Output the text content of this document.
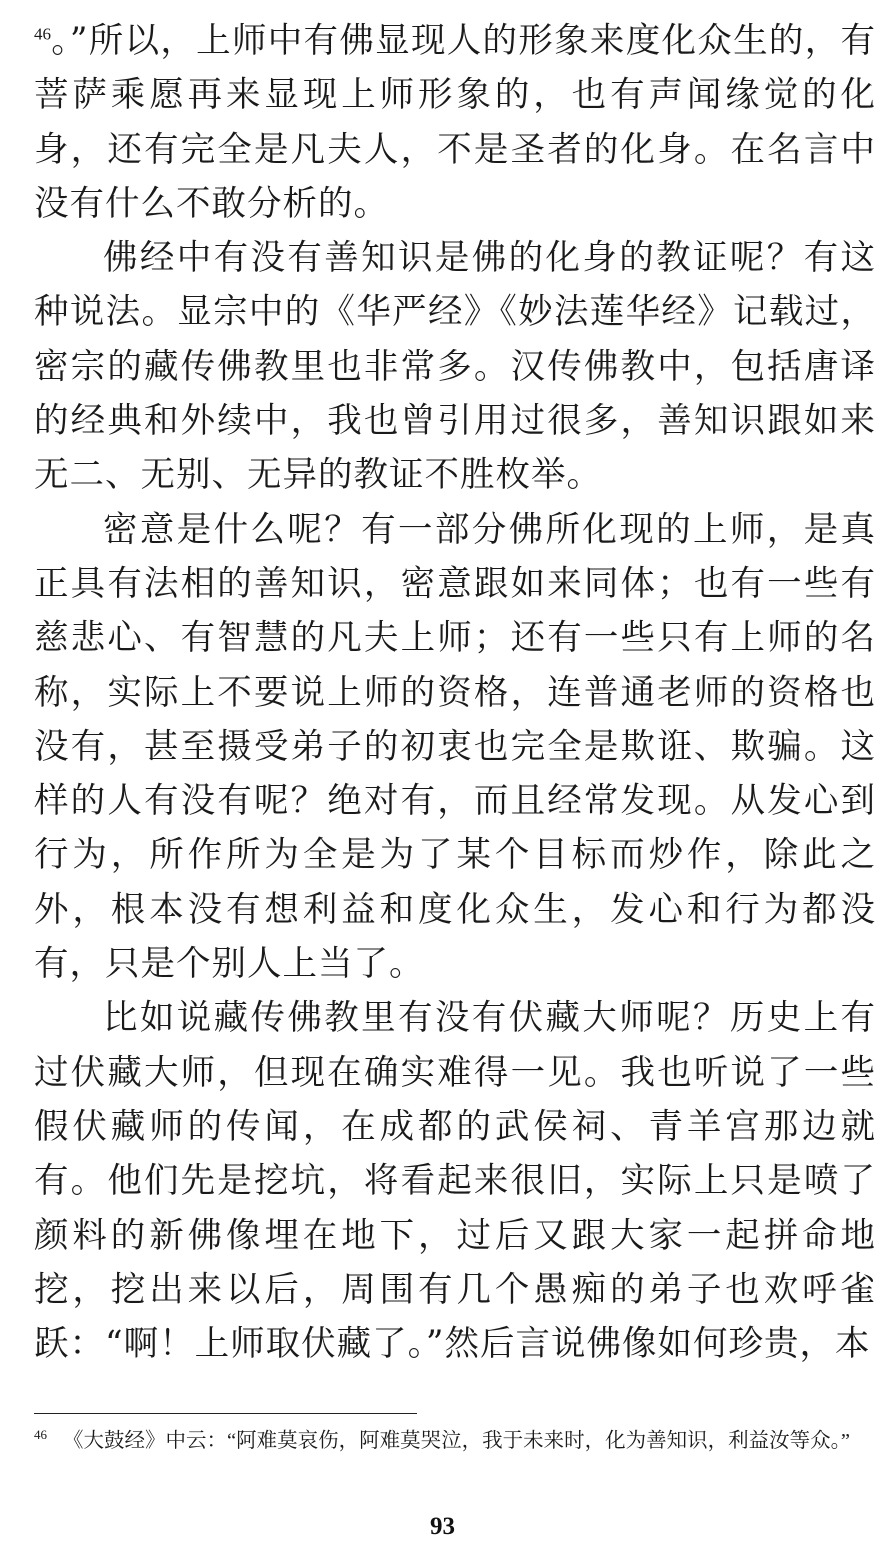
$^{46}$。”所以，上师中有佛显现人的形象来度化众生的，有菩萨乘愿再来显现上师形象的，也有声闻缘觉的化身，还有完全是凡夫人，不是圣者的化身。在名言中没有什么不敢分析的。

佛经中有没有善知识是佛的化身的教证呢？有这种说法。显宗中的《华严经》《妙法莲华经》记载过，密宗的藏传佛教里也非常多。汉传佛教中，包括唐译的经典和外续中，我也曾引用过很多，善知识跟如来无二、无别、无异的教证不胜枚举。

密意是什么呢？有一部分佛所化现的上师，是真正具有法相的善知识，密意跟如来同体；也有一些有慈悲心、有智慧的凡夫上师；还有一些只有上师的名称，实际上不要说上师的资格，连普通老师的资格也没有，甚至摄受弟子的初衷也完全是欺诳、欺骗。这样的人有没有呢？绝对有，而且经常发现。从发心到行为，所作所为全是为了某个目标而炒作，除此之外，根本没有想利益和度化众生，发心和行为都没有，只是个别人上当了。

比如说藏传佛教里有没有伏藏大师呢？历史上有过伏藏大师，但现在确实难得一见。我也听说了一些假伏藏师的传闻，在成都的武侯祠、青羊宫那边就有。他们先是挖坑，将看起来很旧，实际上只是喷了颜料的新佛像埋在地下，过后又跟大家一起拼命地挖，挖出来以后，周围有几个愚痴的弟子也欢呼雀跃：“啊！上师取伏藏了。”然后言说佛像如何珍贵，本

$^{46}$ 《大鼓经》中云：“阿难莫哀伤，阿难莫哭泣，我于未来时，化为善知识，利益汝等众。”
93
